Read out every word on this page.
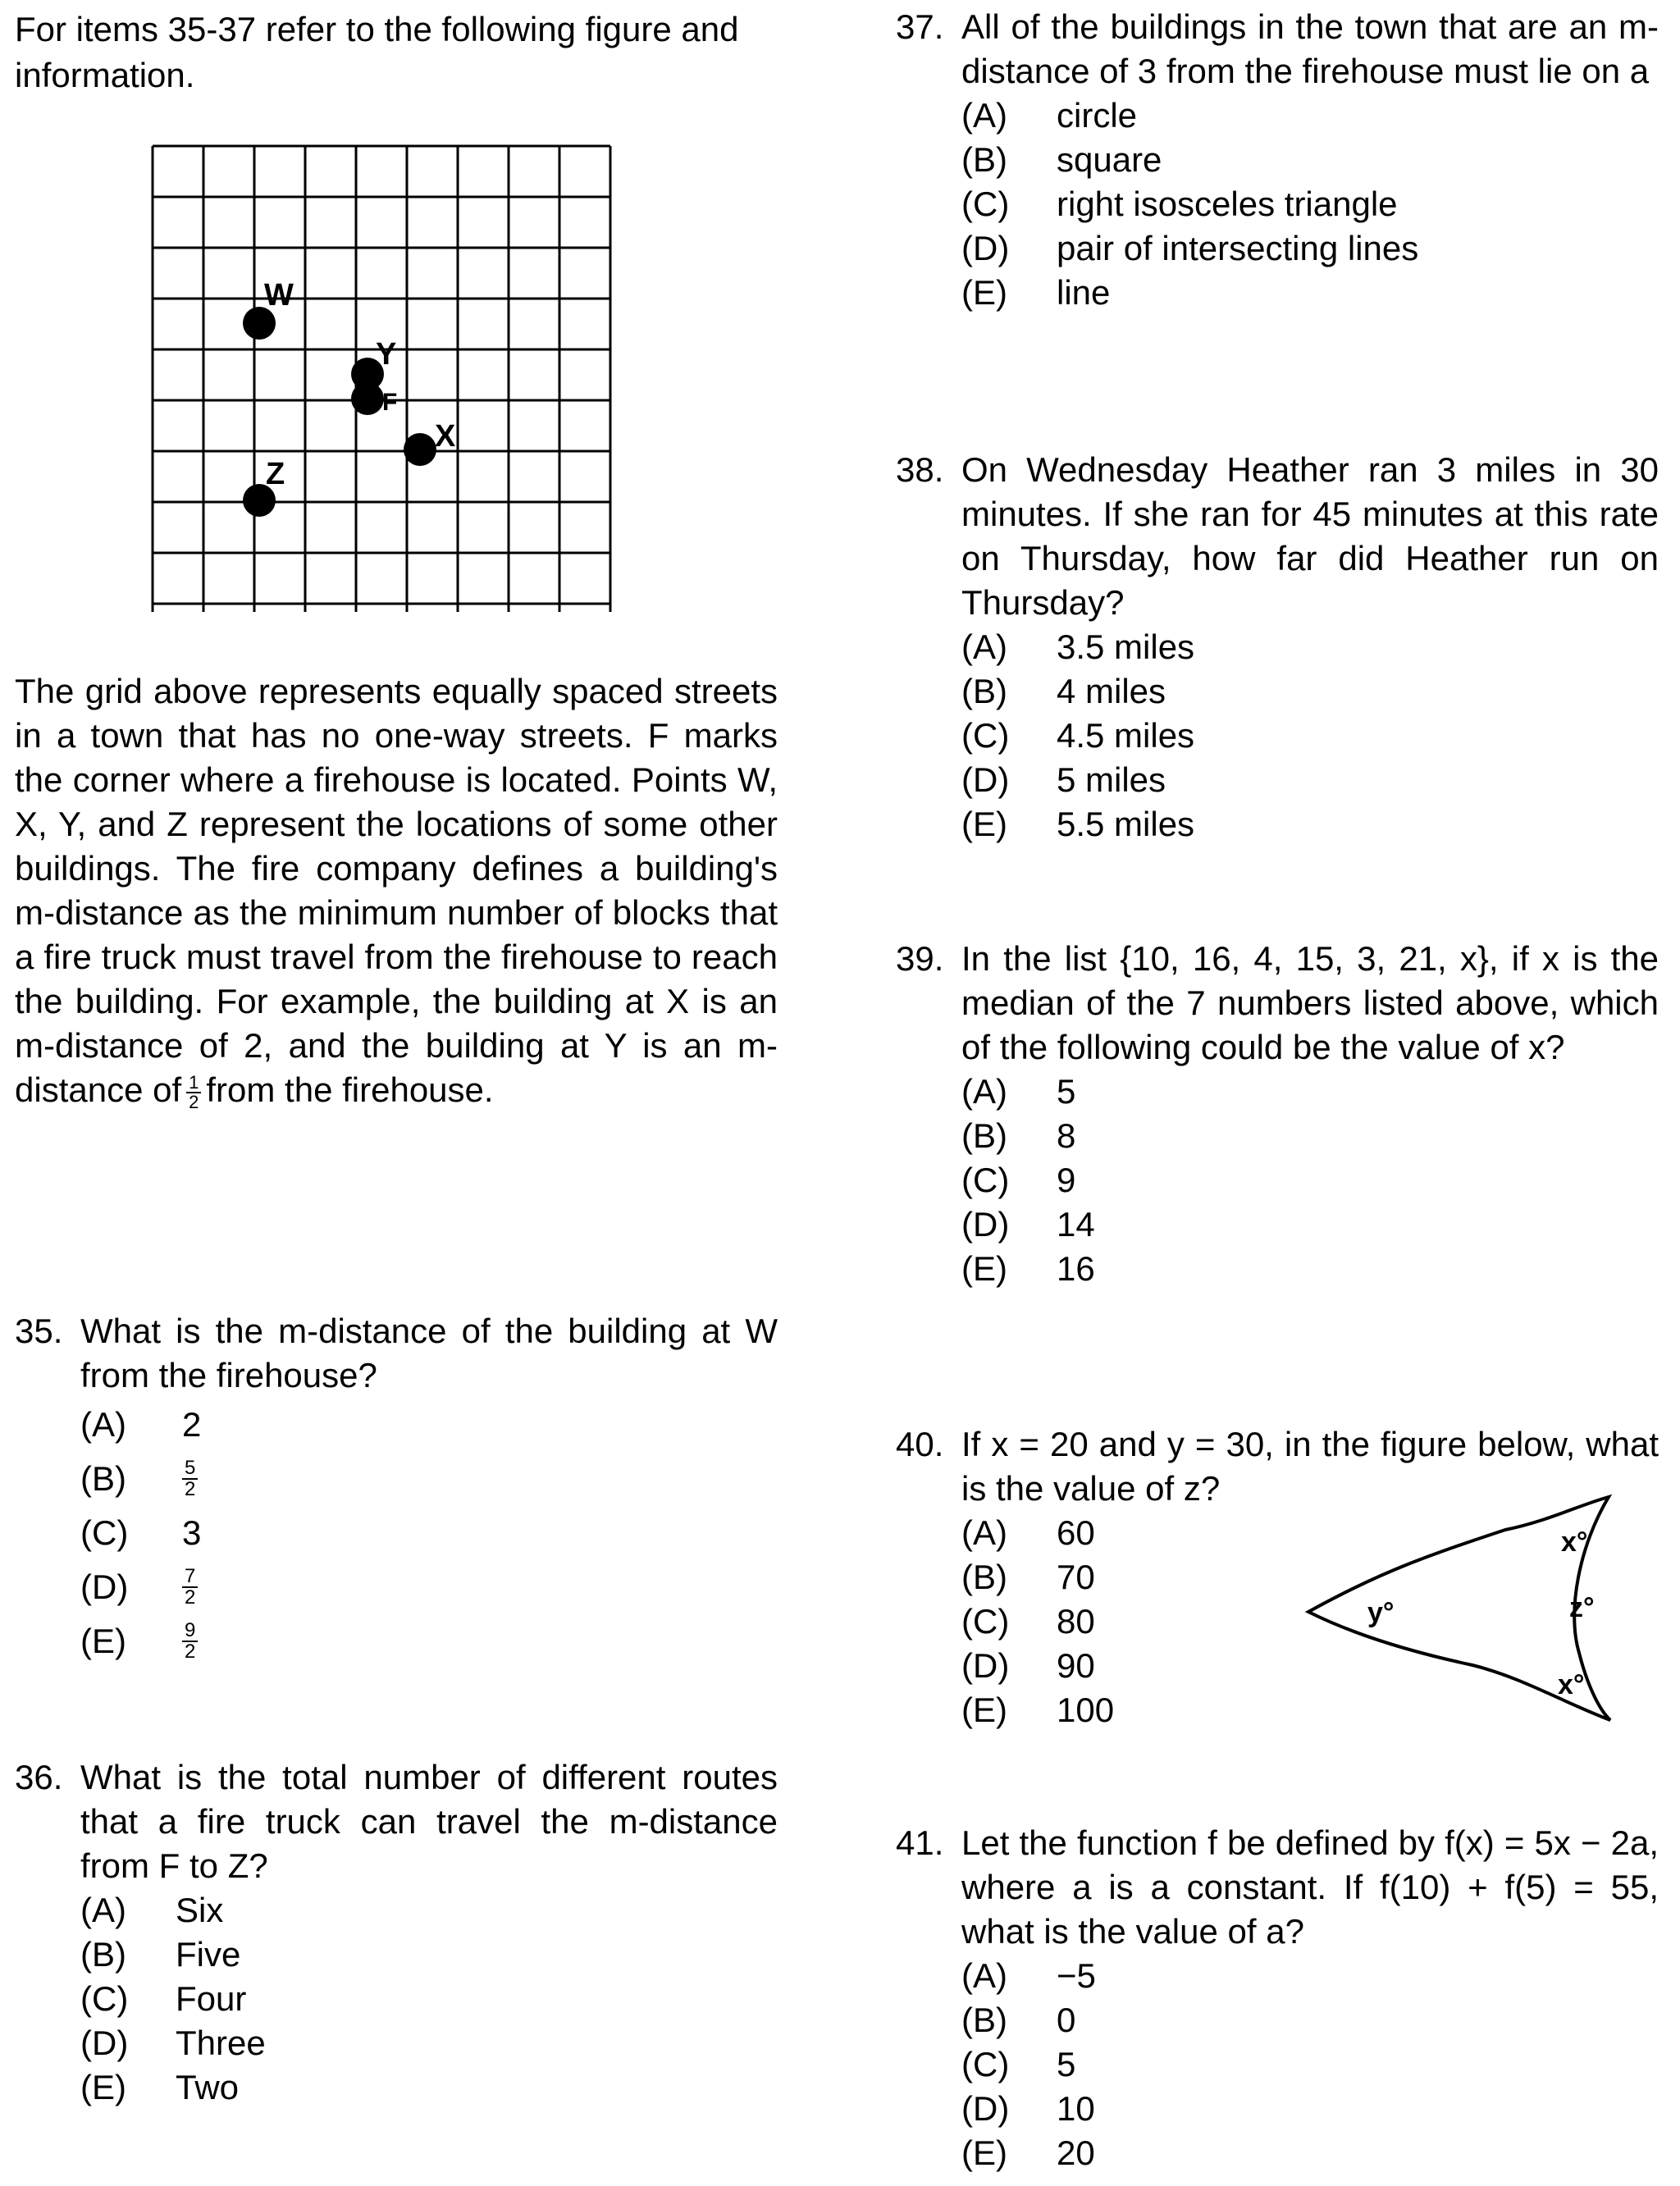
For items 35-37 refer to the following figure and information.

W
Y
F
X
Z

The grid above represents equally spaced streets in a town that has no one-way streets. F marks the corner where a firehouse is located. Points W, X, Y, and Z represent the locations of some other buildings. The fire company defines a building's m-distance as the minimum number of blocks that a fire truck must travel from the firehouse to reach the building. For example, the building at X is an m-distance of 2, and the building at Y is an m-distance of $\frac{1}{2}$ from the firehouse.

35. What is the m-distance of the building at W from the firehouse?

(A)	2
(B)	$\frac{5}{2}$
(C)	3
(D)	$\frac{7}{2}$
(E)	$\frac{9}{2}$
36. What is the total number of different routes that a fire truck can travel the m-distance from F to Z?

(A)	Six
(B)	Five
(C)	Four
(D)	Three
(E)	Two
37. All of the buildings in the town that are an m-distance of 3 from the firehouse must lie on a

(A)	circle
(B)	square
(C)	right isosceles triangle
(D)	pair of intersecting lines
(E)	line
38. On Wednesday Heather ran 3 miles in 30 minutes. If she ran for 45 minutes at this rate on Thursday, how far did Heather run on Thursday?

(A)	3.5 miles
(B)	4 miles
(C)	4.5 miles
(D)	5 miles
(E)	5.5 miles
39. In the list {10, 16, 4, 15, 3, 21, x}, if x is the median of the 7 numbers listed above, which of the following could be the value of x?

(A)	5
(B)	8
(C)	9
(D)	14
(E)	16
40. If x = 20 and y = 30, in the figure below, what is the value of z?

(A)	60
(B)	70
(C)	80
(D)	90
(E)	100
41. Let the function f be defined by f(x) = 5x − 2a, where a is a constant. If f(10) + f(5) = 55, what is the value of a?

(A)	−5
(B)	0
(C)	5
(D)	10
(E)	20
y°
x°
z°
x°
